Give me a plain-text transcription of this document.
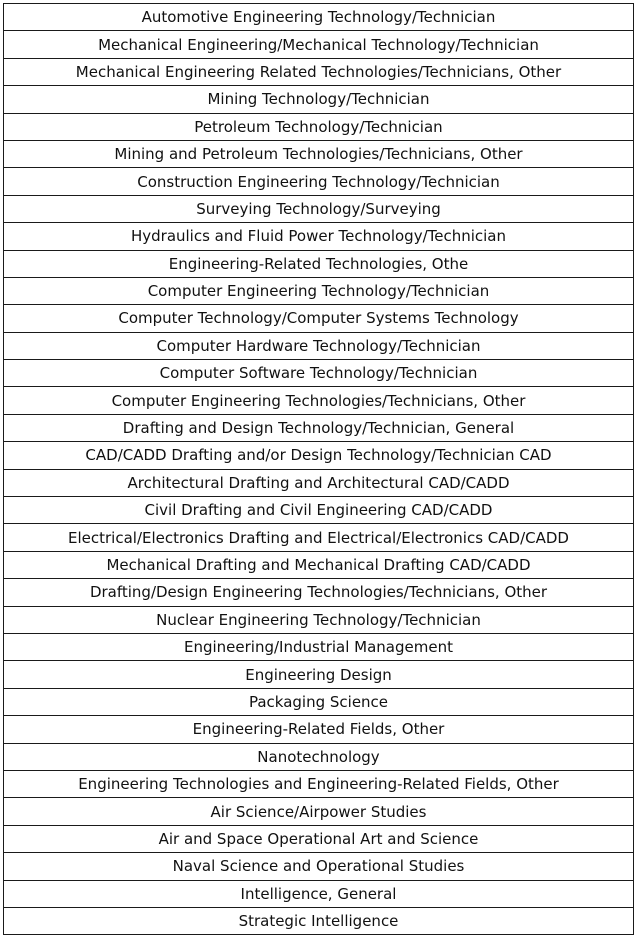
Automotive Engineering Technology/Technician
Mechanical Engineering/Mechanical Technology/Technician
Mechanical Engineering Related Technologies/Technicians, Other
Mining Technology/Technician
Petroleum Technology/Technician
Mining and Petroleum Technologies/Technicians, Other
Construction Engineering Technology/Technician
Surveying Technology/Surveying
Hydraulics and Fluid Power Technology/Technician
Engineering-Related Technologies, Othe
Computer Engineering Technology/Technician
Computer Technology/Computer Systems Technology
Computer Hardware Technology/Technician
Computer Software Technology/Technician
Computer Engineering Technologies/Technicians, Other
Drafting and Design Technology/Technician, General
CAD/CADD Drafting and/or Design Technology/Technician CAD
Architectural Drafting and Architectural CAD/CADD
Civil Drafting and Civil Engineering CAD/CADD
Electrical/Electronics Drafting and Electrical/Electronics CAD/CADD
Mechanical Drafting and Mechanical Drafting CAD/CADD
Drafting/Design Engineering Technologies/Technicians, Other
Nuclear Engineering Technology/Technician
Engineering/Industrial Management
Engineering Design
Packaging Science
Engineering-Related Fields, Other
Nanotechnology
Engineering Technologies and Engineering-Related Fields, Other
Air Science/Airpower Studies
Air and Space Operational Art and Science
Naval Science and Operational Studies
Intelligence, General
Strategic Intelligence
